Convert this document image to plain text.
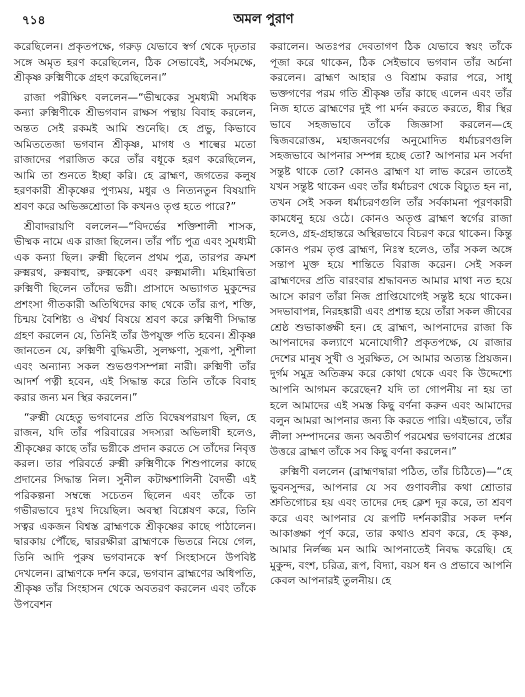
৭১৪	অমল পুরাণ

করেছিলেন। প্রকৃতপক্ষে, গরুড় যেভাবে স্বর্গ থেকে দৃঢ়তার সঙ্গে অমৃত হরণ করেছিলেন, ঠিক সেভাবেই, সর্বসমক্ষে, শ্রীকৃষ্ণ রুক্মিণীকে গ্রহণ করেছিলেন।”

রাজা পরীক্ষিৎ বললেন—“ভীষ্মকের সুমধ্যমী সমধিক কন্যা রুক্মিণীকে শ্রীভগবান রাক্ষস পন্থায় বিবাহ করলেন, অন্তত সেই রকমই আমি শুনেছি। হে প্রভু, কিভাবে অমিততেজা ভগবান শ্রীকৃষ্ণ, মাগধ ও শাল্বের মতো রাজাদের পরাজিত করে তাঁর বধূকে হরণ করেছিলেন, আমি তা শুনতে ইচ্ছা করি। হে ব্রাহ্মণ, জগতের কলুষ হরণকারী শ্রীকৃষ্ণের পুণ্যময়, মধুর ও নিত্যনতুন বিষয়াদি শ্রবণ করে অভিজ্ঞশ্রোতা কি কখনও তৃপ্ত হতে পারে?”

শ্রীবাদরায়ণি বললেন—“বিদর্ভের শক্তিশালী শাসক, ভীষ্মক নামে এক রাজা ছিলেন। তাঁর পাঁচ পুত্র এবং সুমধ্যমী এক কন্যা ছিল। রুক্মী ছিলেন প্রথম পুত্র, তারপর ক্রমশ রুক্মরথ, রুক্মবাহু, রুক্মকেশ এবং রুক্মমালী। মহিমান্বিতা রুক্মিণী ছিলেন তাঁদের ভগ্নী। প্রাসাদে অভ্যাগত মুকুন্দের প্রশংসা গীতকারী অতিথিদের কাছ থেকে তাঁর রূপ, শক্তি, চিন্ময় বৈশিষ্ট্য ও ঐশ্বর্য বিষয়ে শ্রবণ করে রুক্মিণী সিদ্ধান্ত গ্রহণ করলেন যে, তিনিই তাঁর উপযুক্ত পতি হবেন। শ্রীকৃষ্ণ জানতেন যে, রুক্মিণী বুদ্ধিমতী, সুলক্ষণা, সুরূপা, সুশীলা এবং অন্যান্য সকল শুভগুণসম্পন্না নারী। রুক্মিণী তাঁর আদর্শ পত্নী হবেন, এই সিদ্ধান্ত করে তিনি তাঁকে বিবাহ করার জন্য মন স্থির করলেন।”

“রুক্মী যেহেতু ভগবানের প্রতি বিদ্বেষপরায়ণ ছিল, হে রাজন, যদি তাঁর পরিবারের সদস্যরা অভিলাষী হলেও, শ্রীকৃষ্ণের কাছে তাঁর ভগ্নীকে প্রদান করতে সে তাঁদের নিবৃত্ত করল। তার পরিবর্তে রুক্মী রুক্মিণীকে শিশুপালের কাছে প্রদানের সিদ্ধান্ত নিল। সুনীল কটাক্ষশালিনী বৈদর্ভী এই পরিকল্পনা সম্বন্ধে সচেতন ছিলেন এবং তাঁকে তা গভীরভাবে দুঃখ দিয়েছিল। অবস্থা বিশ্লেষণ করে, তিনি সত্বর একজন বিশ্বস্ত ব্রাহ্মণকে শ্রীকৃষ্ণের কাছে পাঠালেন। দ্বারকায় পৌঁছে, দ্বাররক্ষীরা ব্রাহ্মণকে ভিতরে নিয়ে গেল, তিনি আদি পুরুষ ভগবানকে স্বর্ণ সিংহাসনে উপবিষ্ট দেখলেন। ব্রাহ্মণকে দর্শন করে, ভগবান ব্রাহ্মণের অধিপতি, শ্রীকৃষ্ণ তাঁর সিংহাসন থেকে অবতরণ করলেন এবং তাঁকে উপবেশন

করালেন। অতঃপর দেবতাগণ ঠিক যেভাবে স্বয়ং তাঁকে পূজা করে থাকেন, ঠিক সেইভাবে ভগবান তাঁর অর্চনা করলেন। ব্রাহ্মণ আহার ও বিশ্রাম করার পরে, সাধু ভক্তগণের পরম গতি শ্রীকৃষ্ণ তাঁর কাছে এলেন এবং তাঁর নিজ হাতে ব্রাহ্মণের দুই পা মর্দন করতে করতে, ধীর স্থির ভাবে সহজভাবে তাঁকে জিজ্ঞাসা করলেন—হে দ্বিজবরোত্তম, মহাজনবর্গের অনুমোদিত ধর্মাচরণগুলি সহজভাবে আপনার সম্পন্ন হচ্ছে তো? আপনার মন সর্বদা সন্তুষ্ট থাকে তো? কোনও ব্রাহ্মণ যা লাভ করেন তাতেই যখন সন্তুষ্ট থাকেন এবং তাঁর ধর্মাচরণ থেকে বিচ্যুত হন না, তখন সেই সকল ধর্মাচরণগুলি তাঁর সর্বকামনা পূরণকারী কামধেনু হয়ে ওঠে। কোনও অতৃপ্ত ব্রাহ্মণ স্বর্গের রাজা হলেও, গ্রহ-গ্রহান্তরে অস্থিরভাবে বিচরণ করে থাকেন। কিন্তু কোনও পরম তৃপ্ত ব্রাহ্মণ, নিঃস্ব হলেও, তাঁর সকল অঙ্গে সন্তাপ মুক্ত হয়ে শান্তিতে বিরাজ করেন। সেই সকল ব্রাহ্মণদের প্রতি বারংবার শ্রদ্ধাবনত আমার মাথা নত হয়ে আসে কারণ তাঁরা নিজ প্রাপ্তিযোগেই সন্তুষ্ট হয়ে থাকেন। সদভাবাপন্ন, নিরহঙ্কারী এবং প্রশান্ত হয়ে তাঁরা সকল জীবের শ্রেষ্ঠ শুভাকাঙ্ক্ষী হন। হে ব্রাহ্মণ, আপনাদের রাজা কি আপনাদের কল্যাণে মনোযোগী? প্রকৃতপক্ষে, যে রাজার দেশের মানুষ সুখী ও সুরক্ষিত, সে আমার অত্যন্ত প্রিয়জন। দুর্গম সমুদ্র অতিক্রম করে কোথা থেকে এবং কি উদ্দেশ্যে আপনি আগমন করেছেন? যদি তা গোপনীয় না হয় তা হলে আমাদের এই সমস্ত কিছু বর্ণনা করুন এবং আমাদের বলুন আমরা আপনার জন্য কি করতে পারি। এইভাবে, তাঁর লীলা সম্পাদনের জন্য অবতীর্ণ পরমেশ্বর ভগবানের প্রশ্নের উত্তরে ব্রাহ্মণ তাঁকে সব কিছু বর্ণনা করলেন।”

রুক্মিণী বললেন (ব্রাহ্মণদ্বারা পঠিত, তাঁর চিঠিতে)—“হে ভুবনসুন্দর, আপনার যে সব গুণাবলীর কথা শ্রোতার শ্রুতিগোচর হয় এবং তাদের দেহ ক্লেশ দূর করে, তা শ্রবণ করে এবং আপনার যে রূপটি দর্শনকারীর সকল দর্শন আকাঙ্ক্ষা পূর্ণ করে, তার কথাও শ্রবণ করে, হে কৃষ্ণ, আমার নির্লজ্জ মন আমি আপনাতেই নিবদ্ধ করেছি। হে মুকুন্দ, বংশ, চরিত্র, রূপ, বিদ্যা, বয়স ধন ও প্রভাবে আপনি কেবল আপনারই তুলনীয়। হে
